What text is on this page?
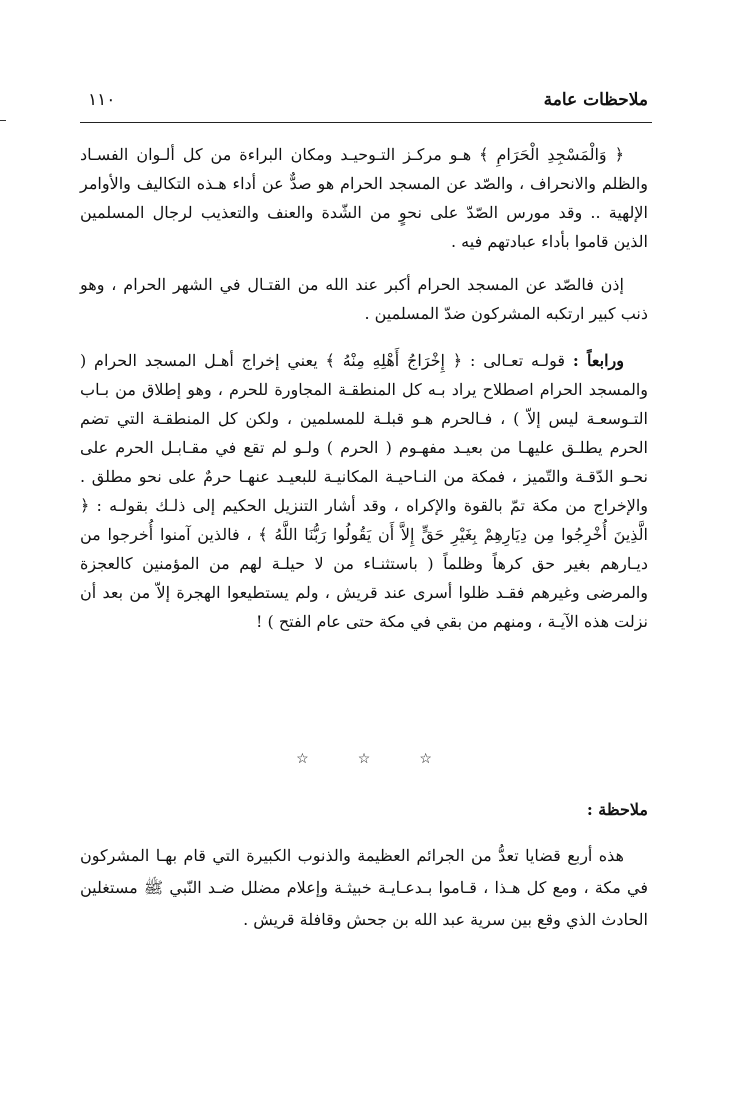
ملاحظات عامة
١١٠

﴿ وَالْمَسْجِدِ الْحَرَامِ ﴾ هـو مركـز التـوحيـد ومكان البراءة من كل ألـوان الفسـاد والظلم والانحراف ، والصّد عن المسجد الحرام هو صدٌّ عن أداء هـذه التكاليف والأوامر الإلهية .. وقد مورس الصّدّ على نحوٍ من الشّدة والعنف والتعذيب لرجال المسلمين الذين قاموا بأداء عبادتهم فيه .

إذن فالصّد عن المسجد الحرام أكبر عند الله من القتـال في الشهر الحرام ، وهو ذنب كبير ارتكبه المشركون ضدّ المسلمين .

ورابعاً : قولـه تعـالى : ﴿ إِخْرَاجُ أَهْلِهِ مِنْهُ ﴾ يعني إخراج أهـل المسجد الحرام ( والمسجد الحرام اصطلاح يراد بـه كل المنطقـة المجاورة للحرم ، وهو إطلاق من بـاب التـوسعـة ليس إلاّ ) ، فـالحرم هـو قبلـة للمسلمين ، ولكن كل المنطقـة التي تضم الحرم يطلـق عليهـا من بعيـد مفهـوم ( الحرم ) ولـو لم تقع في مقـابـل الحرم على نحـو الدّقـة والتّميز ، فمكة من النـاحيـة المكانيـة للبعيـد عنهـا حرمٌ على نحو مطلق . والإخراج من مكة تمّ بالقوة والإكراه ، وقد أشار التنزيل الحكيم إلى ذلـك بقولـه : ﴿ الَّذِينَ أُخْرِجُوا مِن دِيَارِهِمْ بِغَيْرِ حَقٍّ إِلاَّ أَن يَقُولُوا رَبُّنَا اللَّهُ ﴾ ، فالذين آمنوا أُخرجوا من ديـارهم بغير حق كرهاً وظلماً ( باستثنـاء من لا حيلـة لهم من المؤمنين كالعجزة والمرضى وغيرهم فقـد ظلوا أسرى عند قريش ، ولم يستطيعوا الهجرة إلاّ من بعد أن نزلت هذه الآيـة ، ومنهم من بقي في مكة حتى عام الفتح ) !

☆	☆	☆
ملاحظة :

هذه أربع قضايا تعدُّ من الجرائم العظيمة والذنوب الكبيرة التي قام بهـا المشركون في مكة ، ومع كل هـذا ، قـاموا بـدعـايـة خبيثـة وإعلام مضلل ضـد النّبي ﷺ مستغلين الحادث الذي وقع بين سرية عبد الله بن جحش وقافلة قريش .
